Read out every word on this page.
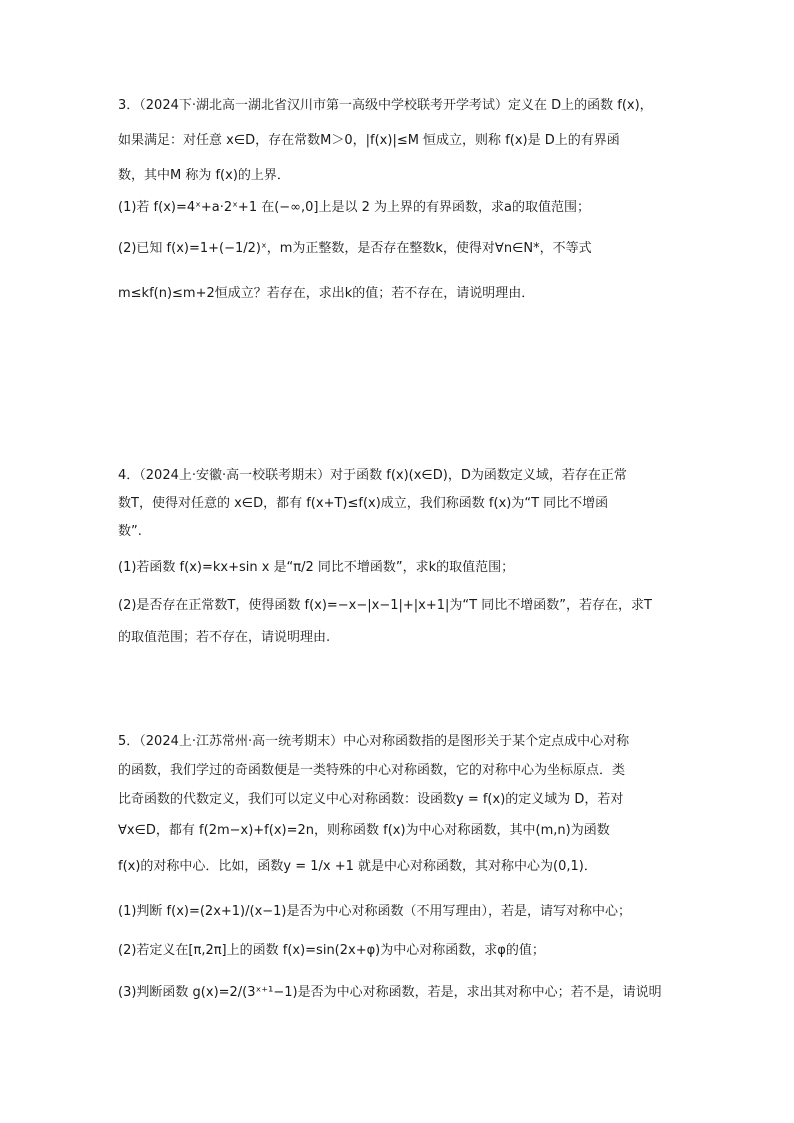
3．（2024下·湖北高一湖北省汉川市第一高级中学校联考开学考试）定义在 D上的函数 f(x)，
如果满足：对任意 x∈D，存在常数M＞0，|f(x)|≤M 恒成立，则称 f(x)是 D上的有界函
数，其中M 称为 f(x)的上界．
(1)若 f(x)=4ˣ+a·2ˣ+1 在(−∞,0]上是以 2 为上界的有界函数，求a的取值范围；
(2)已知 f(x)=1+(−1/2)ˣ，m为正整数，是否存在整数k，使得对∀n∈N*，不等式
m≤kf(n)≤m+2恒成立？若存在，求出k的值；若不存在，请说明理由．
4．（2024上·安徽·高一校联考期末）对于函数 f(x)(x∈D)，D为函数定义域，若存在正常
数T，使得对任意的 x∈D，都有 f(x+T)≤f(x)成立，我们称函数 f(x)为“T 同比不增函
数”.
(1)若函数 f(x)=kx+sin x 是“π/2 同比不增函数”，求k的取值范围；
(2)是否存在正常数T，使得函数 f(x)=−x−|x−1|+|x+1|为“T 同比不增函数”，若存在，求T
的取值范围；若不存在，请说明理由.
5．（2024上·江苏常州·高一统考期末）中心对称函数指的是图形关于某个定点成中心对称
的函数，我们学过的奇函数便是一类特殊的中心对称函数，它的对称中心为坐标原点．类
比奇函数的代数定义，我们可以定义中心对称函数：设函数y = f(x)的定义域为 D，若对
∀x∈D，都有 f(2m−x)+f(x)=2n，则称函数 f(x)为中心对称函数，其中(m,n)为函数
f(x)的对称中心．比如，函数y = 1/x +1 就是中心对称函数，其对称中心为(0,1)．
(1)判断 f(x)=(2x+1)/(x−1)是否为中心对称函数（不用写理由），若是，请写对称中心；
(2)若定义在[π,2π]上的函数 f(x)=sin(2x+φ)为中心对称函数，求φ的值；
(3)判断函数 g(x)=2/(3ˣ⁺¹−1)是否为中心对称函数，若是，求出其对称中心；若不是，请说明
